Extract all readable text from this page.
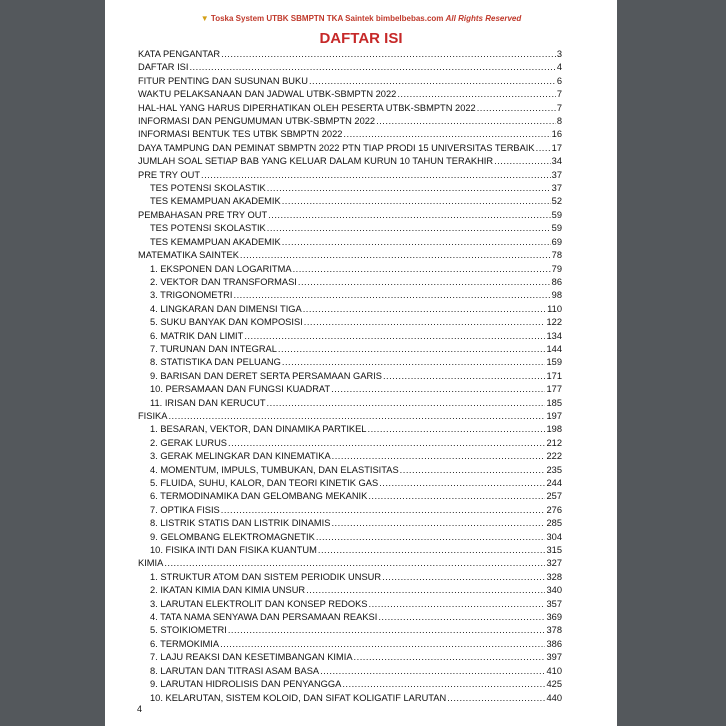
▼ Toska System UTBK SBMPTN TKA Saintek bimbelbebas.com All Rights Reserved
DAFTAR ISI
KATA PENGANTAR .....	3
DAFTAR ISI .....	4
FITUR PENTING DAN SUSUNAN BUKU .....	6
WAKTU PELAKSANAAN DAN JADWAL UTBK-SBMPTN 2022 .....	7
HAL-HAL YANG HARUS DIPERHATIKAN OLEH PESERTA UTBK-SBMPTN 2022 .....	7
INFORMASI DAN PENGUMUMAN UTBK-SBMPTN 2022 .....	8
INFORMASI BENTUK TES UTBK SBMPTN 2022 .....	16
DAYA TAMPUNG DAN PEMINAT SBMPTN 2022 PTN TIAP PRODI 15 UNIVERSITAS TERBAIK ..... 17
JUMLAH SOAL SETIAP BAB YANG KELUAR DALAM KURUN 10 TAHUN TERAKHIR .....	34
PRE TRY OUT .....	37
TES POTENSI SKOLASTIK .....	37
TES KEMAMPUAN AKADEMIK .....	52
PEMBAHASAN PRE TRY OUT .....	59
TES POTENSI SKOLASTIK .....	59
TES KEMAMPUAN AKADEMIK .....	69
MATEMATIKA SAINTEK .....	78
1. EKSPONEN DAN LOGARITMA .....	79
2. VEKTOR DAN TRANSFORMASI .....	86
3. TRIGONOMETRI .....	98
4. LINGKARAN DAN DIMENSI TIGA .....	110
5. SUKU BANYAK DAN KOMPOSISI .....	122
6. MATRIK DAN LIMIT .....	134
7. TURUNAN DAN INTEGRAL .....	144
8. STATISTIKA DAN PELUANG .....	159
9. BARISAN DAN DERET SERTA PERSAMAAN GARIS .....	171
10. PERSAMAAN DAN FUNGSI KUADRAT .....	177
11. IRISAN DAN KERUCUT .....	185
FISIKA .....	197
1. BESARAN, VEKTOR, DAN DINAMIKA PARTIKEL .....	198
2. GERAK LURUS .....	212
3. GERAK MELINGKAR DAN KINEMATIKA .....	222
4. MOMENTUM, IMPULS, TUMBUKAN, DAN ELASTISITAS .....	235
5. FLUIDA, SUHU, KALOR, DAN TEORI KINETIK GAS .....	244
6. TERMODINAMIKA DAN GELOMBANG MEKANIK .....	257
7. OPTIKA FISIS .....	276
8. LISTRIK STATIS DAN LISTRIK DINAMIS .....	285
9. GELOMBANG ELEKTROMAGNETIK .....	304
10. FISIKA INTI DAN FISIKA KUANTUM .....	315
KIMIA .....	327
1. STRUKTUR ATOM DAN SISTEM PERIODIK UNSUR .....	328
2. IKATAN KIMIA DAN KIMIA UNSUR .....	340
3. LARUTAN ELEKTROLIT DAN KONSEP REDOKS .....	357
4. TATA NAMA SENYAWA DAN PERSAMAAN REAKSI .....	369
5. STOIKIOMETRI .....	378
6. TERMOKIMIA .....	386
7. LAJU REAKSI DAN KESETIMBANGAN KIMIA .....	397
8. LARUTAN DAN TITRASI ASAM BASA .....	410
9. LARUTAN HIDROLISIS DAN PENYANGGA .....	425
10. KELARUTAN, SISTEM KOLOID, DAN SIFAT KOLIGATIF LARUTAN .....	440
4
